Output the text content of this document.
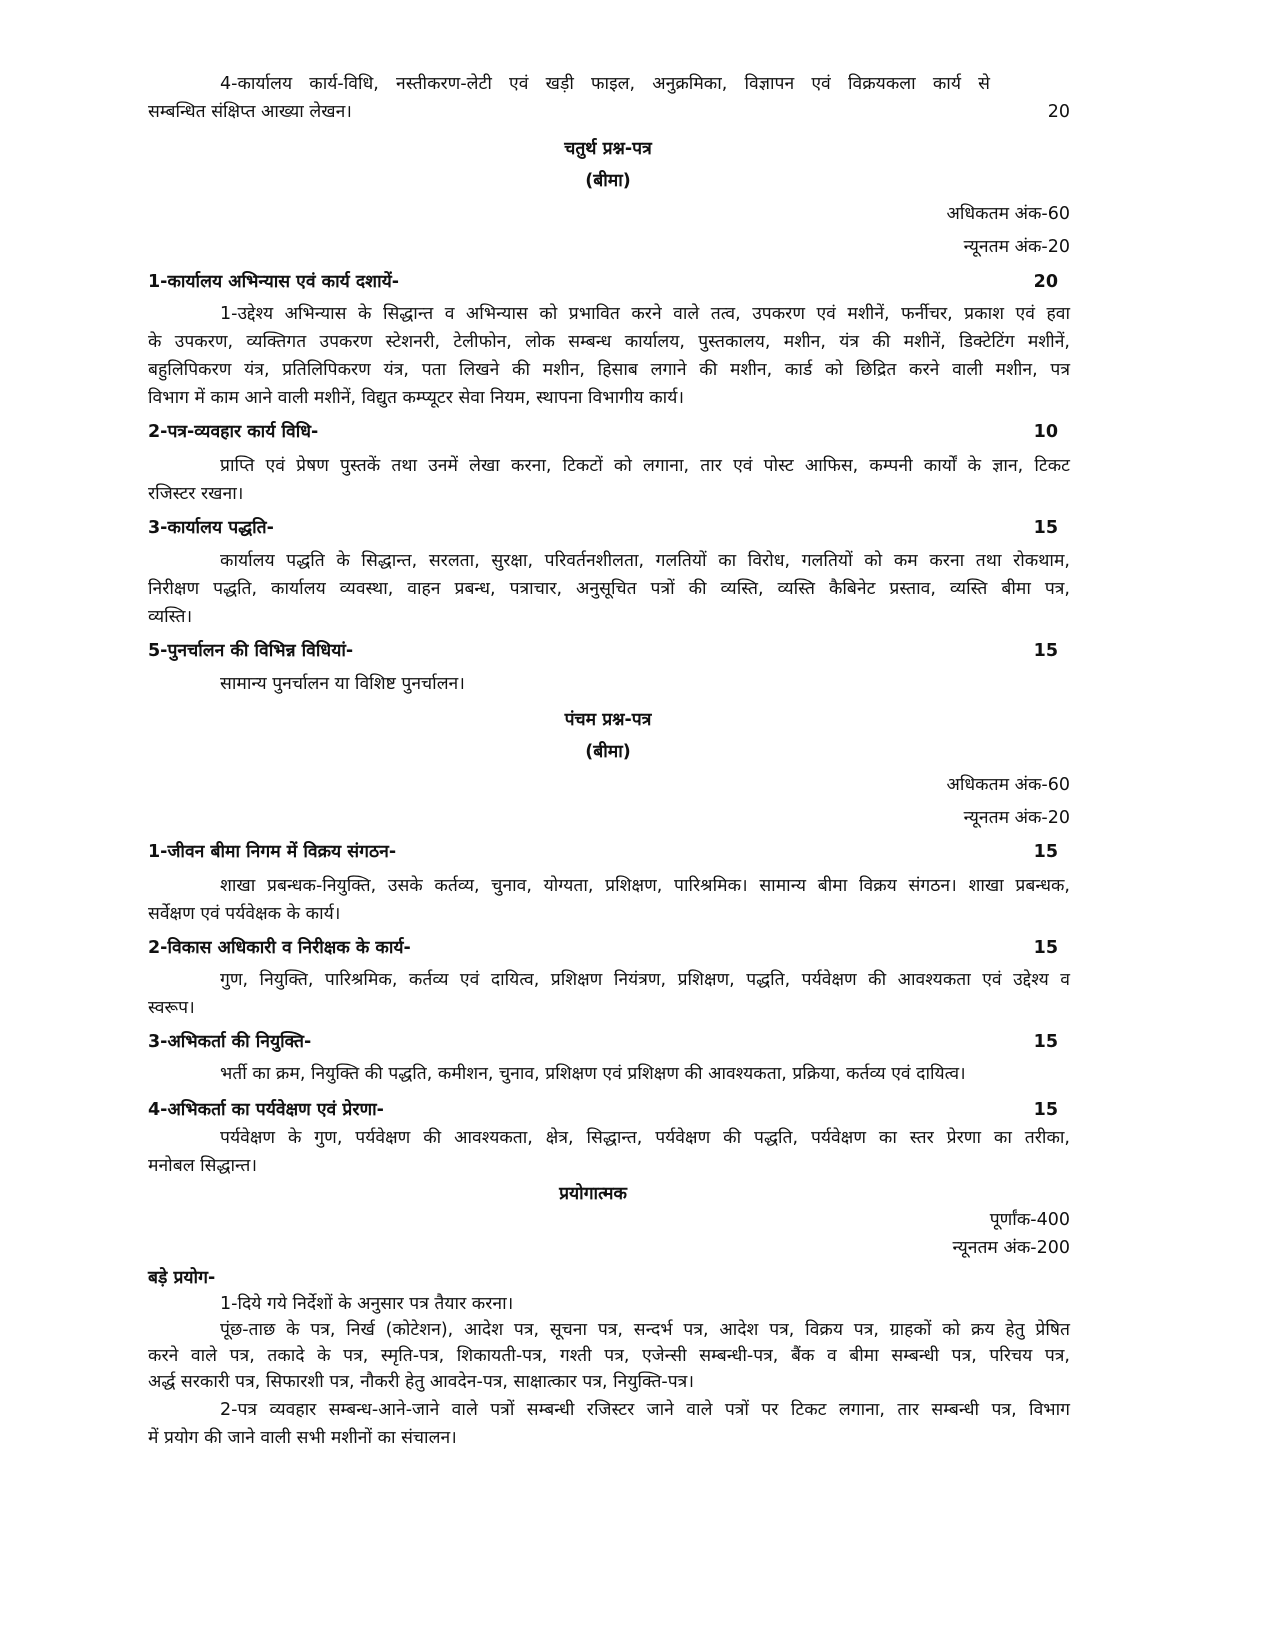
4-कार्यालय कार्य-विधि, नस्तीकरण-लेटी एवं खड़ी फाइल, अनुक्रमिका, विज्ञापन एवं विक्रयकला कार्य से
सम्बन्धित संक्षिप्त आख्या लेखन।	20
चतुर्थ प्रश्न-पत्र
(बीमा)
अधिकतम अंक-60
न्यूनतम अंक-20
1-कार्यालय अभिन्यास एवं कार्य दशायें-	20
1-उद्देश्य अभिन्यास के सिद्धान्त व अभिन्यास को प्रभावित करने वाले तत्व, उपकरण एवं मशीनें, फर्नीचर, प्रकाश एवं हवा
के उपकरण, व्यक्तिगत उपकरण स्टेशनरी, टेलीफोन, लोक सम्बन्ध कार्यालय, पुस्तकालय, मशीन, यंत्र की मशीनें, डिक्टेटिंग मशीनें,
बहुलिपिकरण यंत्र, प्रतिलिपिकरण यंत्र, पता लिखने की मशीन, हिसाब लगाने की मशीन, कार्ड को छिद्रित करने वाली मशीन, पत्र
विभाग में काम आने वाली मशीनें, विद्युत कम्प्यूटर सेवा नियम, स्थापना विभागीय कार्य।
2-पत्र-व्यवहार कार्य विधि-	10
प्राप्ति एवं प्रेषण पुस्तकें तथा उनमें लेखा करना, टिकटों को लगाना, तार एवं पोस्ट आफिस, कम्पनी कार्यों के ज्ञान, टिकट
रजिस्टर रखना।
3-कार्यालय पद्धति-	15
कार्यालय पद्धति के सिद्धान्त, सरलता, सुरक्षा, परिवर्तनशीलता, गलतियों का विरोध, गलतियों को कम करना तथा रोकथाम,
निरीक्षण पद्धति, कार्यालय व्यवस्था, वाहन प्रबन्ध, पत्राचार, अनुसूचित पत्रों की व्यस्ति, व्यस्ति कैबिनेट प्रस्ताव, व्यस्ति बीमा पत्र,
व्यस्ति।
5-पुनर्चालन की विभिन्न विधियां-	15
सामान्य पुनर्चालन या विशिष्ट पुनर्चालन।
पंचम प्रश्न-पत्र
(बीमा)
अधिकतम अंक-60
न्यूनतम अंक-20
1-जीवन बीमा निगम में विक्रय संगठन-	15
शाखा प्रबन्धक-नियुक्ति, उसके कर्तव्य, चुनाव, योग्यता, प्रशिक्षण, पारिश्रमिक। सामान्य बीमा विक्रय संगठन। शाखा प्रबन्धक,
सर्वेक्षण एवं पर्यवेक्षक के कार्य।
2-विकास अधिकारी व निरीक्षक के कार्य-	15
गुण, नियुक्ति, पारिश्रमिक, कर्तव्य एवं दायित्व, प्रशिक्षण नियंत्रण, प्रशिक्षण, पद्धति, पर्यवेक्षण की आवश्यकता एवं उद्देश्य व
स्वरूप।
3-अभिकर्ता की नियुक्ति-	15
भर्ती का क्रम, नियुक्ति की पद्धति, कमीशन, चुनाव, प्रशिक्षण एवं प्रशिक्षण की आवश्यकता, प्रक्रिया, कर्तव्य एवं दायित्व।
4-अभिकर्ता का पर्यवेक्षण एवं प्रेरणा-	15
पर्यवेक्षण के गुण, पर्यवेक्षण की आवश्यकता, क्षेत्र, सिद्धान्त, पर्यवेक्षण की पद्धति, पर्यवेक्षण का स्तर प्रेरणा का तरीका,
मनोबल सिद्धान्त।
प्रयोगात्मक
पूर्णांक-400
न्यूनतम अंक-200
बड़े प्रयोग-
1-दिये गये निर्देशों के अनुसार पत्र तैयार करना।
पूंछ-ताछ के पत्र, निर्ख (कोटेशन), आदेश पत्र, सूचना पत्र, सन्दर्भ पत्र, आदेश पत्र, विक्रय पत्र, ग्राहकों को क्रय हेतु प्रेषित
करने वाले पत्र, तकादे के पत्र, स्मृति-पत्र, शिकायती-पत्र, गश्ती पत्र, एजेन्सी सम्बन्धी-पत्र, बैंक व बीमा सम्बन्धी पत्र, परिचय पत्र,
अर्द्ध सरकारी पत्र, सिफारशी पत्र, नौकरी हेतु आवदेन-पत्र, साक्षात्कार पत्र, नियुक्ति-पत्र।
2-पत्र व्यवहार सम्बन्ध-आने-जाने वाले पत्रों सम्बन्धी रजिस्टर जाने वाले पत्रों पर टिकट लगाना, तार सम्बन्धी पत्र, विभाग
में प्रयोग की जाने वाली सभी मशीनों का संचालन।
